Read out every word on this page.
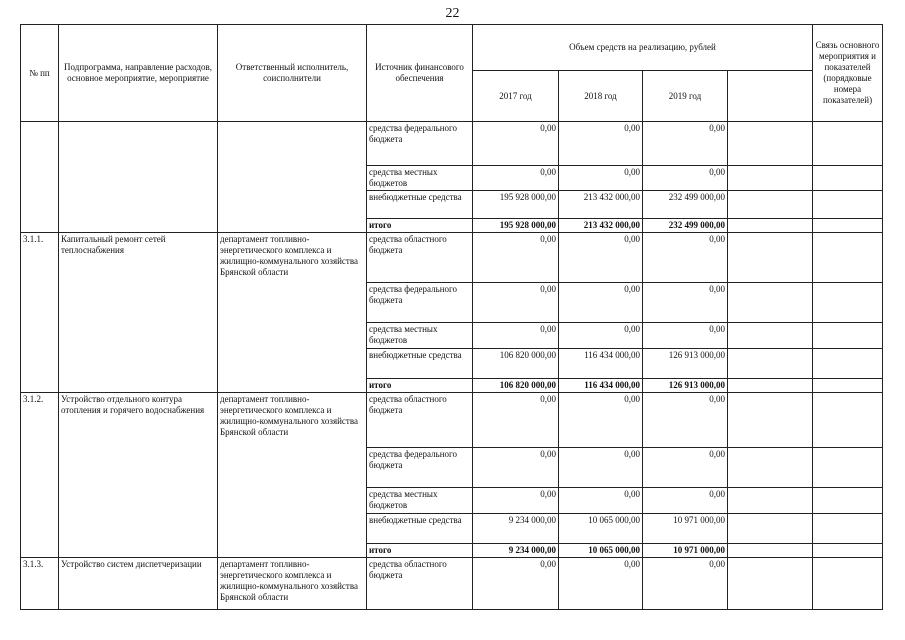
22
№ пп	Подпрограмма, направление расходов, основное мероприятие, мероприятие	Ответственный исполнитель, соисполнители	Источник финансового обеспечения	Объем средств на реализацию, рублей				Связь основного мероприятия и показателей (порядковые номера показателей)
				2017 год	2018 год	2019 год		
			средства федерального бюджета	0,00	0,00	0,00		
			средства местных бюджетов	0,00	0,00	0,00		
			внебюджетные средства	195 928 000,00	213 432 000,00	232 499 000,00		
			итого	195 928 000,00	213 432 000,00	232 499 000,00		
3.1.1.	Капитальный ремонт сетей теплоснабжения	департамент топливно-энергетического комплекса и жилищно-коммунального хозяйства Брянской области	средства областного бюджета	0,00	0,00	0,00		
			средства федерального бюджета	0,00	0,00	0,00		
			средства местных бюджетов	0,00	0,00	0,00		
			внебюджетные средства	106 820 000,00	116 434 000,00	126 913 000,00		
			итого	106 820 000,00	116 434 000,00	126 913 000,00		
3.1.2.	Устройство отдельного контура отопления и горячего водоснабжения	департамент топливно-энергетического комплекса и жилищно-коммунального хозяйства Брянской области	средства областного бюджета	0,00	0,00	0,00		
			средства федерального бюджета	0,00	0,00	0,00		
			средства местных бюджетов	0,00	0,00	0,00		
			внебюджетные средства	9 234 000,00	10 065 000,00	10 971 000,00		
			итого	9 234 000,00	10 065 000,00	10 971 000,00		
3.1.3.	Устройство систем диспетчеризации	департамент топливно-энергетического комплекса и жилищно-коммунального хозяйства Брянской области	средства областного бюджета	0,00	0,00	0,00		
